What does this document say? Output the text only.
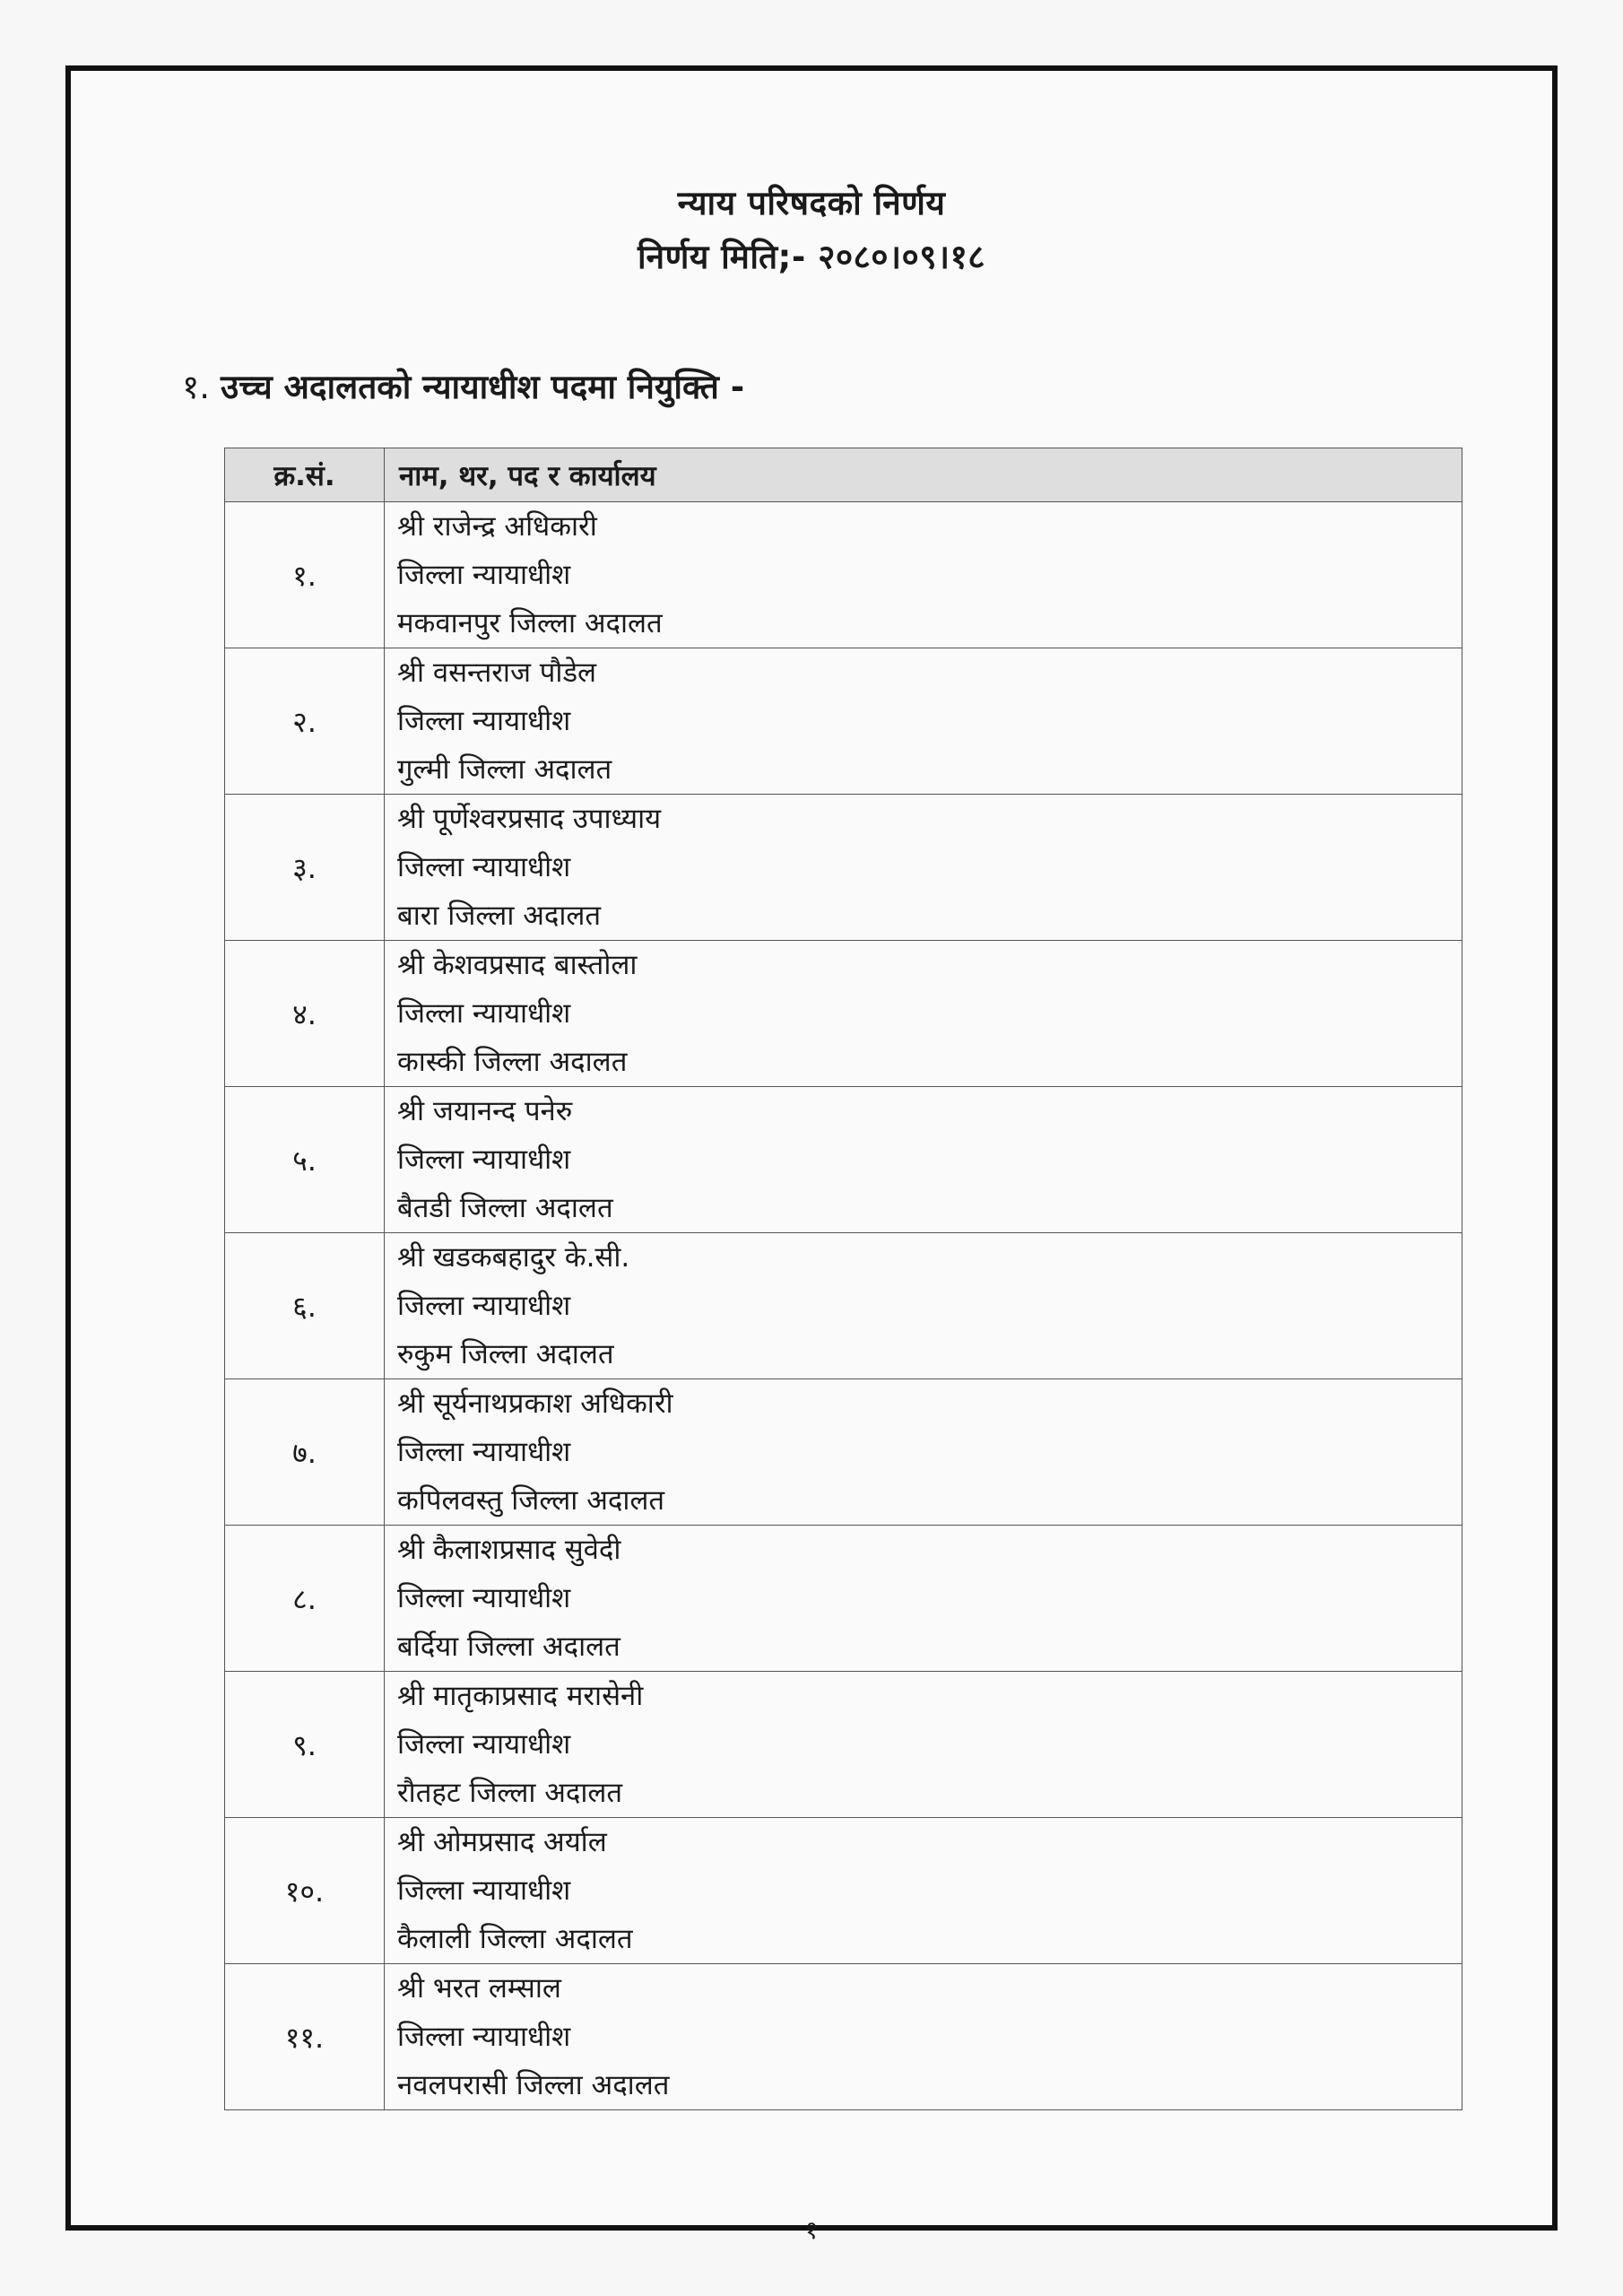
न्याय परिषदको निर्णय
निर्णय मिति;- २०८०।०९।१८
१. उच्च अदालतको न्यायाधीश पदमा नियुक्ति -
क्र.सं.	नाम, थर, पद र कार्यालय
१.	श्री राजेन्द्र अधिकारी
जिल्ला न्यायाधीश
मकवानपुर जिल्ला अदालत

२.	श्री वसन्तराज पौडेल
जिल्ला न्यायाधीश
गुल्मी जिल्ला अदालत

३.	श्री पूर्णेश्वरप्रसाद उपाध्याय
जिल्ला न्यायाधीश
बारा जिल्ला अदालत

४.	श्री केशवप्रसाद बास्तोला
जिल्ला न्यायाधीश
कास्की जिल्ला अदालत

५.	श्री जयानन्द पनेरु
जिल्ला न्यायाधीश
बैतडी जिल्ला अदालत

६.	श्री खडकबहादुर के.सी.
जिल्ला न्यायाधीश
रुकुम जिल्ला अदालत

७.	श्री सूर्यनाथप्रकाश अधिकारी
जिल्ला न्यायाधीश
कपिलवस्तु जिल्ला अदालत

८.	श्री कैलाशप्रसाद सुवेदी
जिल्ला न्यायाधीश
बर्दिया जिल्ला अदालत

९.	श्री मातृकाप्रसाद मरासेनी
जिल्ला न्यायाधीश
रौतहट जिल्ला अदालत

१०.	श्री ओमप्रसाद अर्याल
जिल्ला न्यायाधीश
कैलाली जिल्ला अदालत

११.	श्री भरत लम्साल
जिल्ला न्यायाधीश
नवलपरासी जिल्ला अदालत
१
